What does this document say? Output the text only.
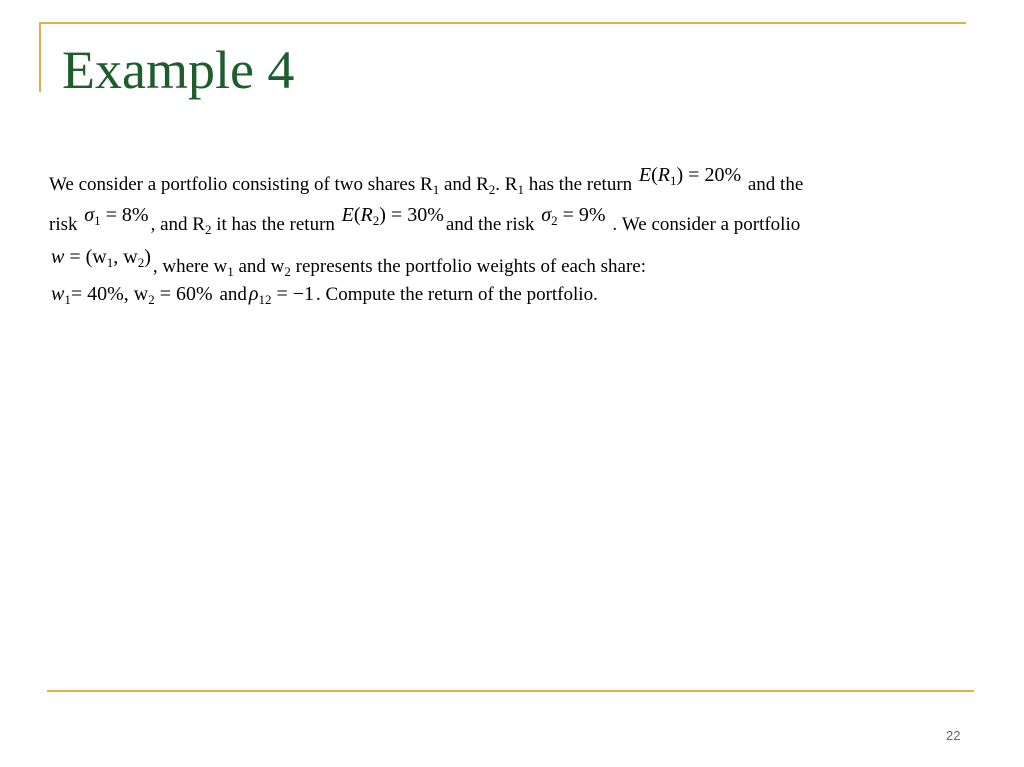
Example 4
We consider a portfolio consisting of two shares $R_1$ and $R_2$. $R_1$ has the return $E(R_1) = 20\%$ and the
risk $\sigma_1 = 8\%$ , and $R_2$ it has the return $E(R_2) = 30\%$ and the risk $\sigma_2 = 9\%$ . We consider a portfolio
$w = (w_1$, $w_2$) , where $w_1$ and $w_2$ represents the portfolio weights of each share:
$w_1= 40\%$, $w_2 = 60\%$ and $\rho_{12} = -1$ . Compute the return of the portfolio.
22
